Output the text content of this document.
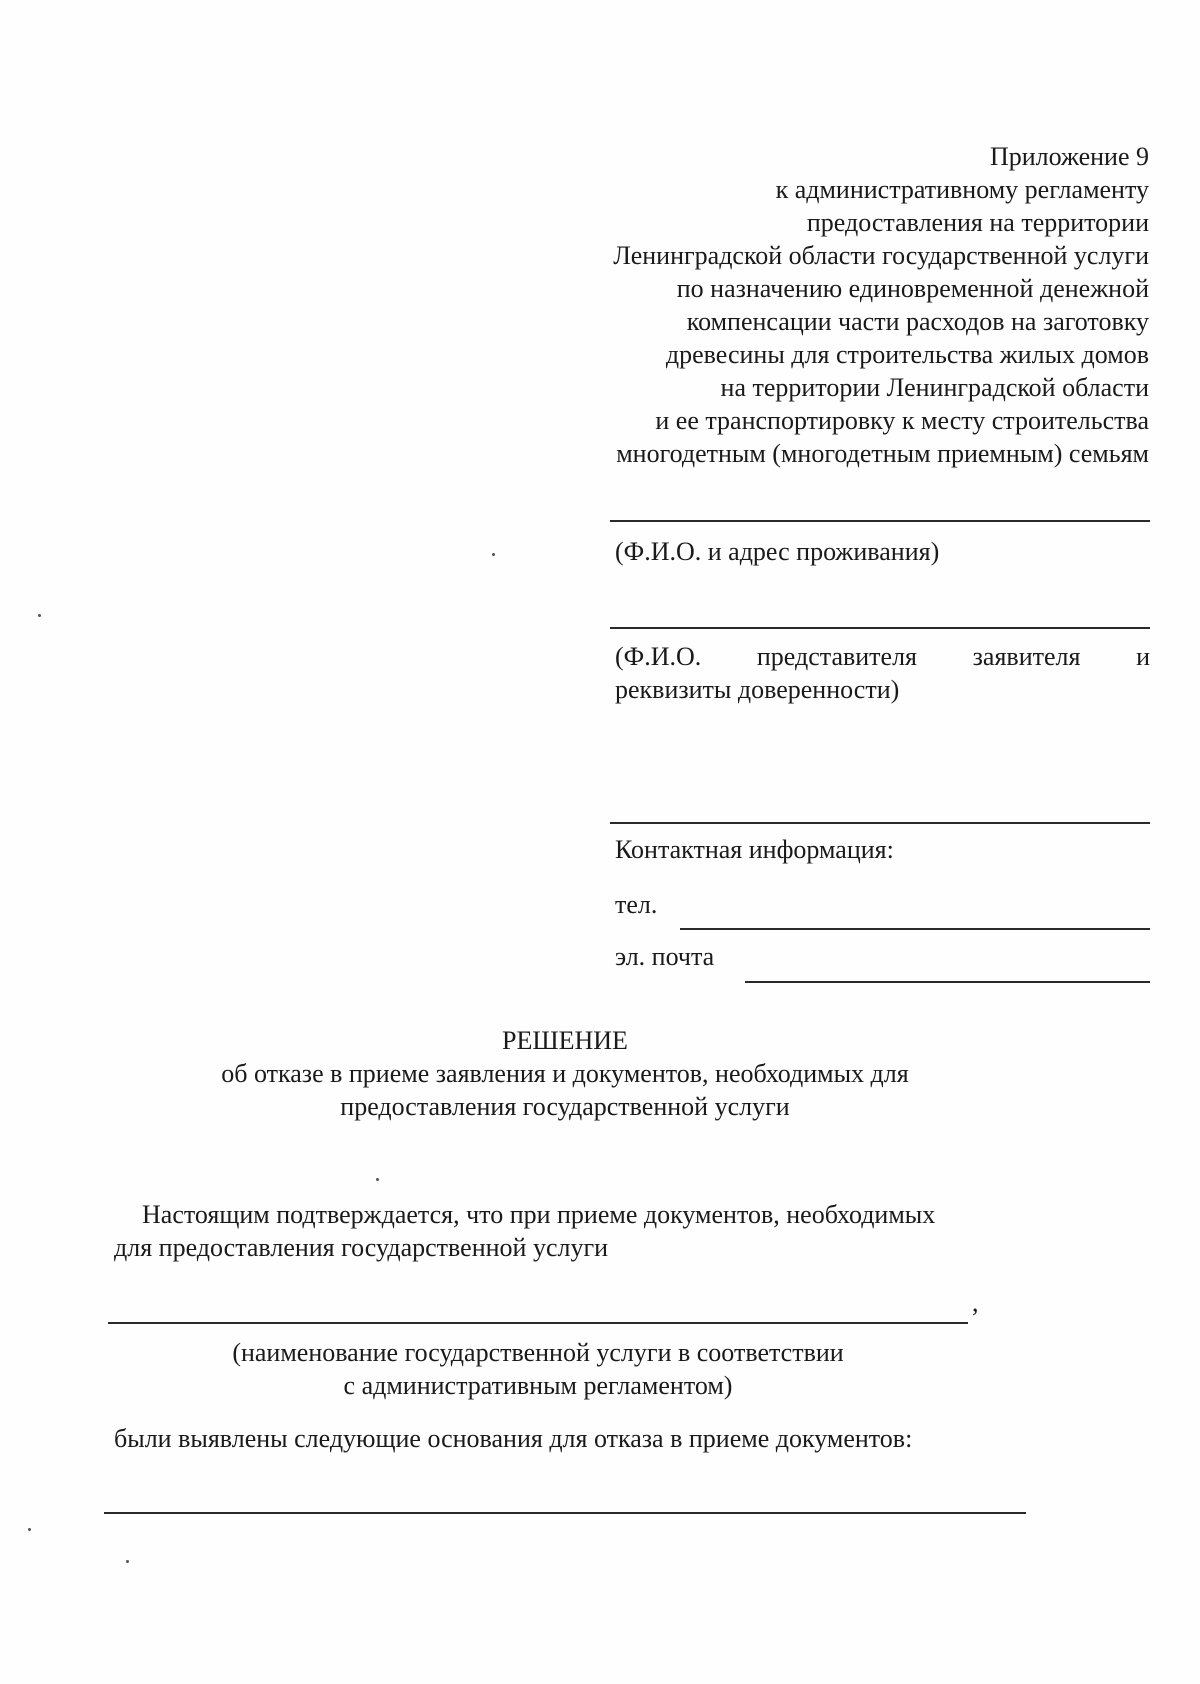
Приложение 9
к административному регламенту
предоставления на территории
Ленинградской области государственной услуги
по назначению единовременной денежной
компенсации части расходов на заготовку
древесины для строительства жилых домов
на территории Ленинградской области
и ее транспортировку к месту строительства
многодетным (многодетным приемным) семьям
(Ф.И.О. и адрес проживания)
(Ф.И.О. представителя заявителя и
реквизиты доверенности)
Контактная информация:
тел.
эл. почта
РЕШЕНИЕ
об отказе в приеме заявления и документов, необходимых для
предоставления государственной услуги
Настоящим подтверждается, что при приеме документов, необходимых
для предоставления государственной услуги
,
(наименование государственной услуги в соответствии
с административным регламентом)
были выявлены следующие основания для отказа в приеме документов:
